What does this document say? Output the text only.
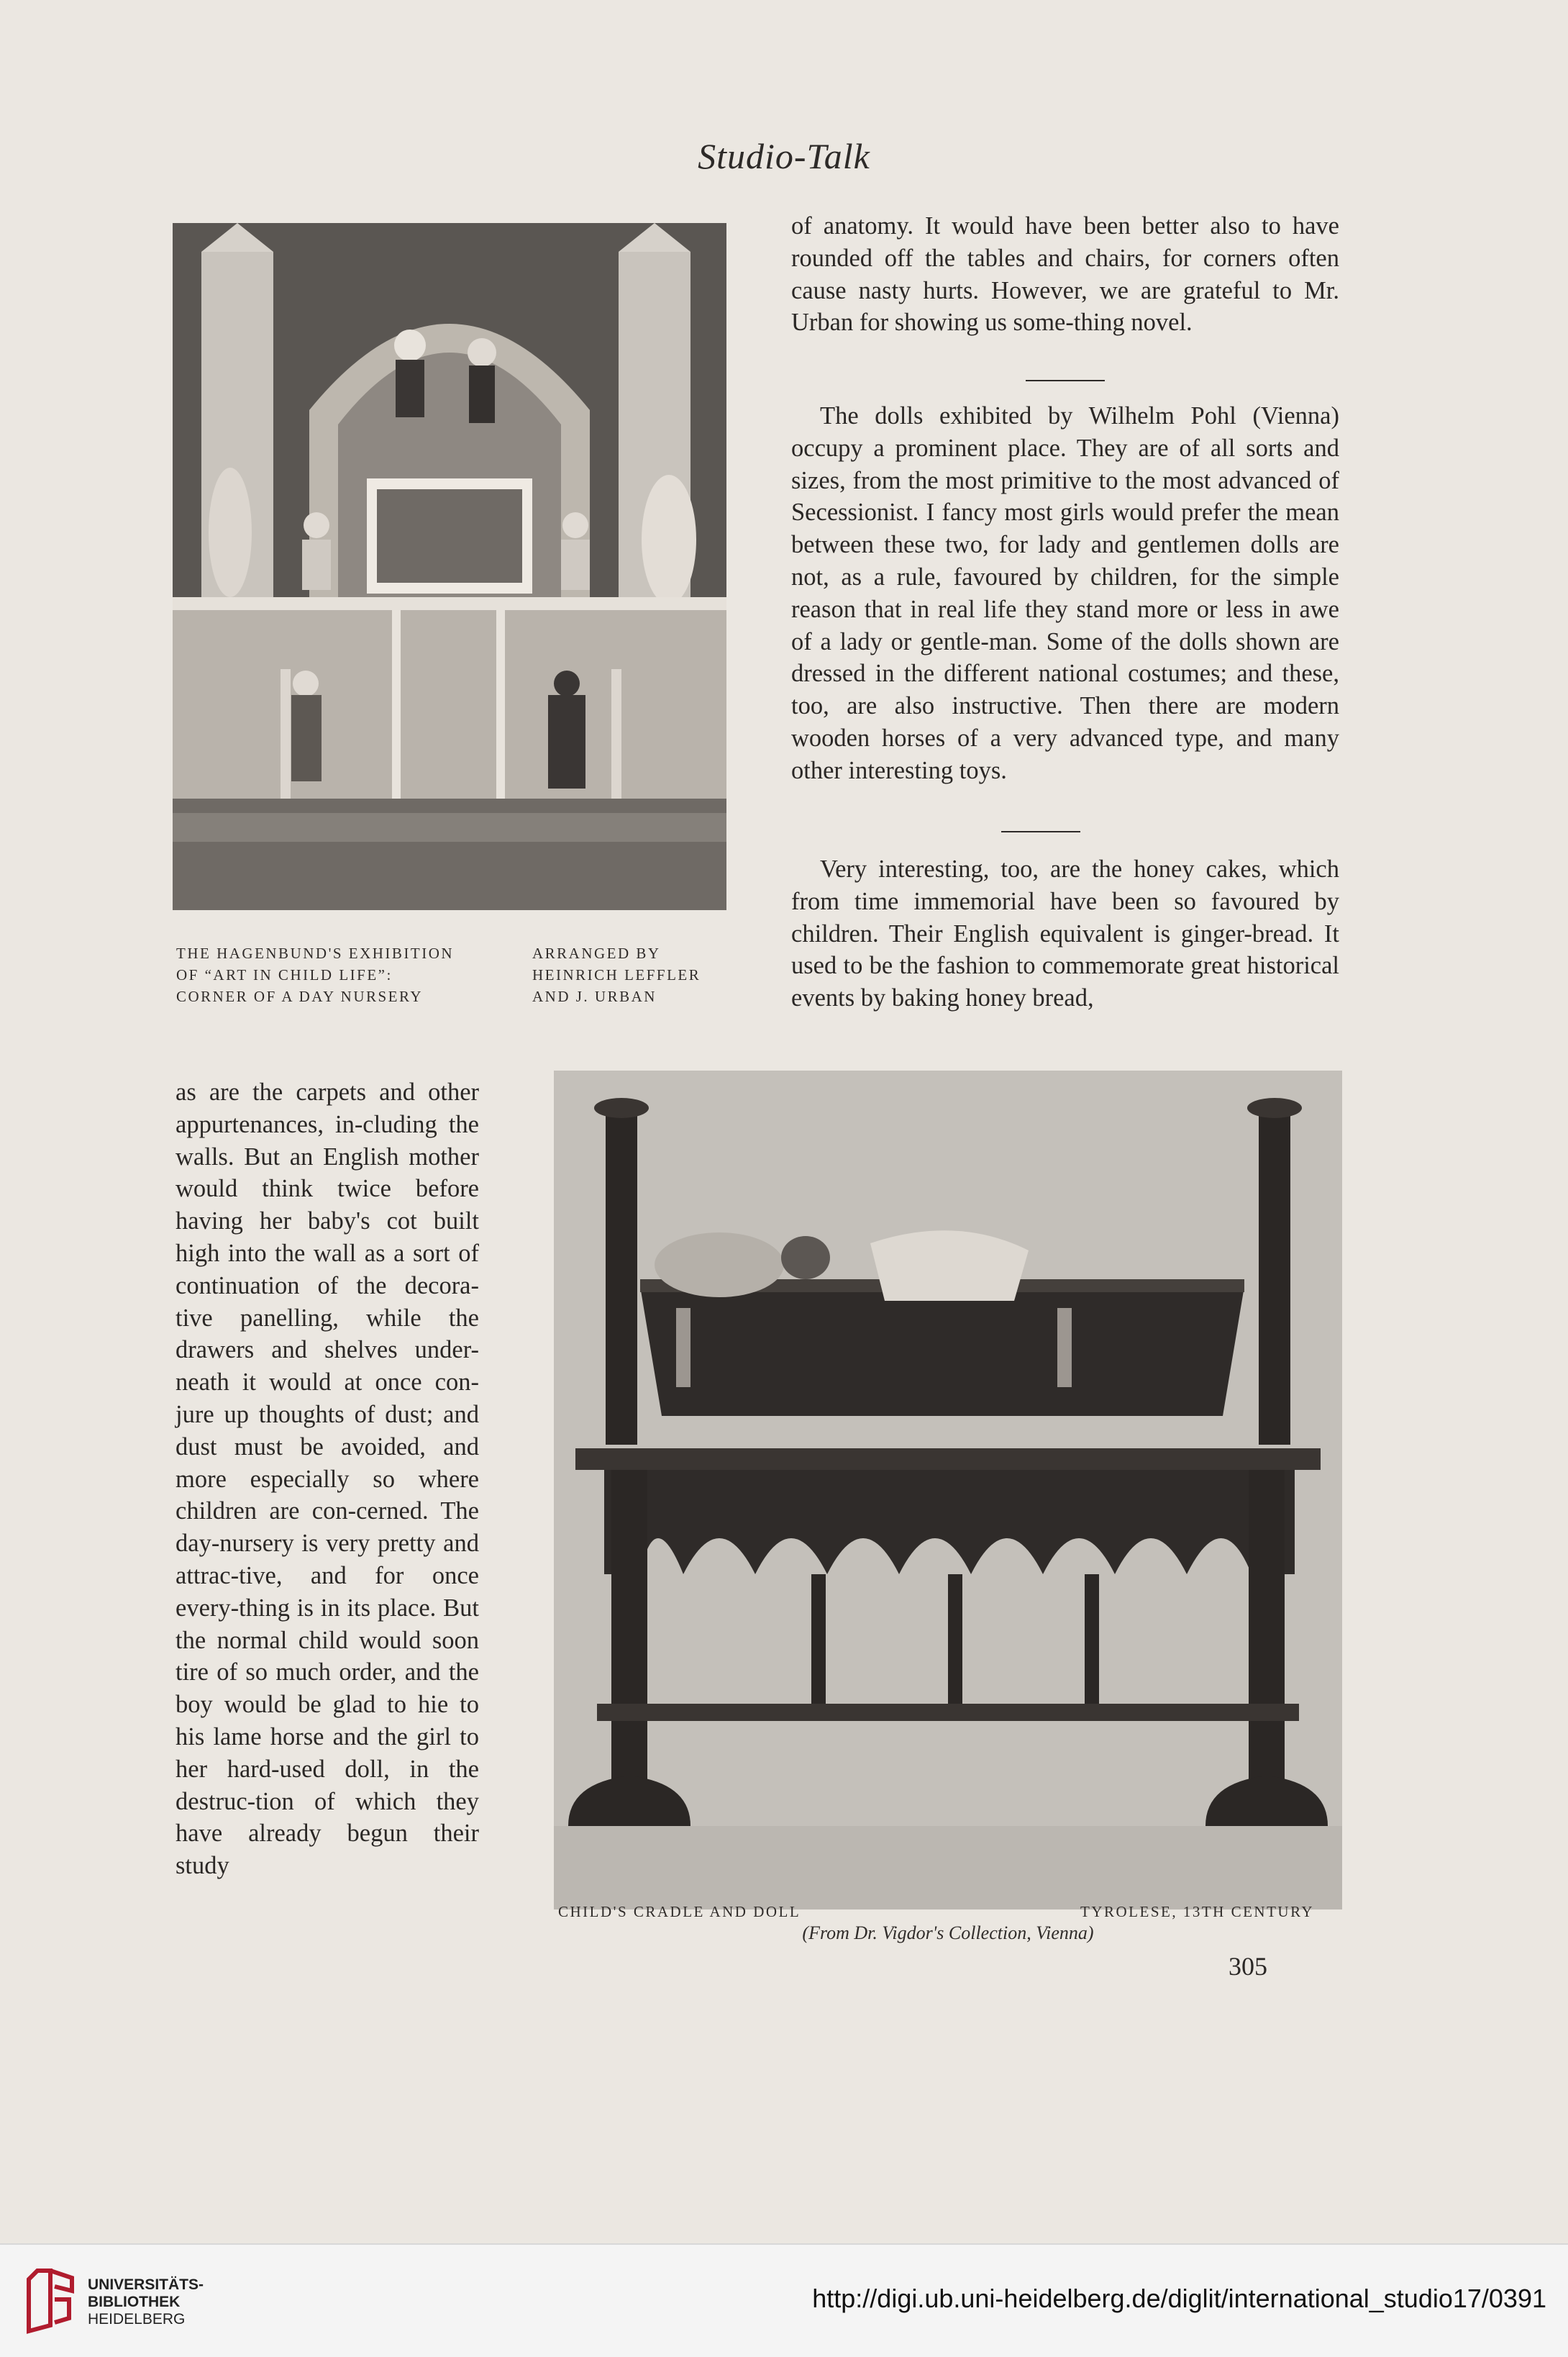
Studio-Talk
THE HAGENBUND'S EXHIBITION
OF “ART IN CHILD LIFE”:
CORNER OF A DAY NURSERY
ARRANGED BY
HEINRICH LEFFLER
AND J. URBAN

of anatomy. It would have been better also to have rounded off the tables and chairs, for corners often cause nasty hurts. However, we are grateful to Mr. Urban for showing us some-thing novel.

The dolls exhibited by Wilhelm Pohl (Vienna) occupy a prominent place. They are of all sorts and sizes, from the most primitive to the most advanced of Secessionist. I fancy most girls would prefer the mean between these two, for lady and gentlemen dolls are not, as a rule, favoured by children, for the simple reason that in real life they stand more or less in awe of a lady or gentle-man. Some of the dolls shown are dressed in the different national costumes; and these, too, are also instructive. Then there are modern wooden horses of a very advanced type, and many other interesting toys.

Very interesting, too, are the honey cakes, which from time immemorial have been so favoured by children. Their English equivalent is ginger-bread. It used to be the fashion to commemorate great historical events by baking honey bread,

as are the carpets and other appurtenances, in-cluding the walls. But an English mother would think twice before having her baby's cot built high into the wall as a sort of continuation of the decora-tive panelling, while the drawers and shelves under-neath it would at once con-jure up thoughts of dust; and dust must be avoided, and more especially so where children are con-cerned. The day-nursery is very pretty and attrac-tive, and for once every-thing is in its place. But the normal child would soon tire of so much order, and the boy would be glad to hie to his lame horse and the girl to her hard-used doll, in the destruc-tion of which they have already begun their study

CHILD'S CRADLE AND DOLL	TYROLESE, 13TH CENTURY
(From Dr. Vigdor's Collection, Vienna)
305
UNIVERSITÄTS-
BIBLIOTHEK
HEIDELBERG
http://digi.ub.uni-heidelberg.de/diglit/international_studio17/0391
